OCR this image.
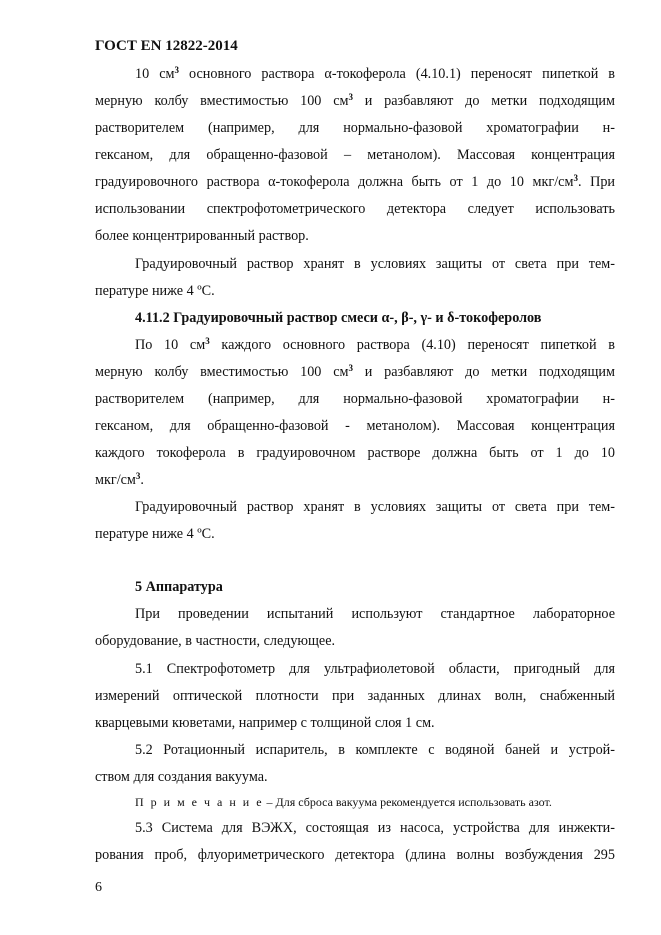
ГОСТ EN 12822-2014
10 $см^3$ основного раствора α-токоферола (4.10.1) переносят пипеткой в
мерную колбу вместимостью 100 $см^3$ и разбавляют до метки подходящим
растворителем (например, для нормально-фазовой хроматографии н-
гексаном, для обращенно-фазовой – метанолом). Массовая концентрация
градуировочного раствора α-токоферола должна быть от 1 до 10 мкг/$см^3$. При
использовании спектрофотометрического детектора следует использовать
более концентрированный раствор.
Градуировочный раствор хранят в условиях защиты от света при тем-
пературе ниже 4 ºС.
4.11.2 Градуировочный раствор смеси α-, β-, γ- и δ-токоферолов
По 10 $см^3$ каждого основного раствора (4.10) переносят пипеткой в
мерную колбу вместимостью 100 $см^3$ и разбавляют до метки подходящим
растворителем (например, для нормально-фазовой хроматографии н-
гексаном, для обращенно-фазовой - метанолом). Массовая концентрация
каждого токоферола в градуировочном растворе должна быть от 1 до 10
мкг/$см^3$.
Градуировочный раствор хранят в условиях защиты от света при тем-
пературе ниже 4 ºС.
5 Аппаратура
При проведении испытаний используют стандартное лабораторное
оборудование, в частности, следующее.
5.1 Спектрофотометр для ультрафиолетовой области, пригодный для
измерений оптической плотности при заданных длинах волн, снабженный
кварцевыми кюветами, например с толщиной слоя 1 см.
5.2 Ротационный испаритель, в комплекте с водяной баней и устрой-
ством для создания вакуума.
П р и м е ч а н и е – Для сброса вакуума рекомендуется использовать азот.
5.3 Система для ВЭЖХ, состоящая из насоса, устройства для инжекти-
рования проб, флуориметрического детектора (длина волны возбуждения 295
6
